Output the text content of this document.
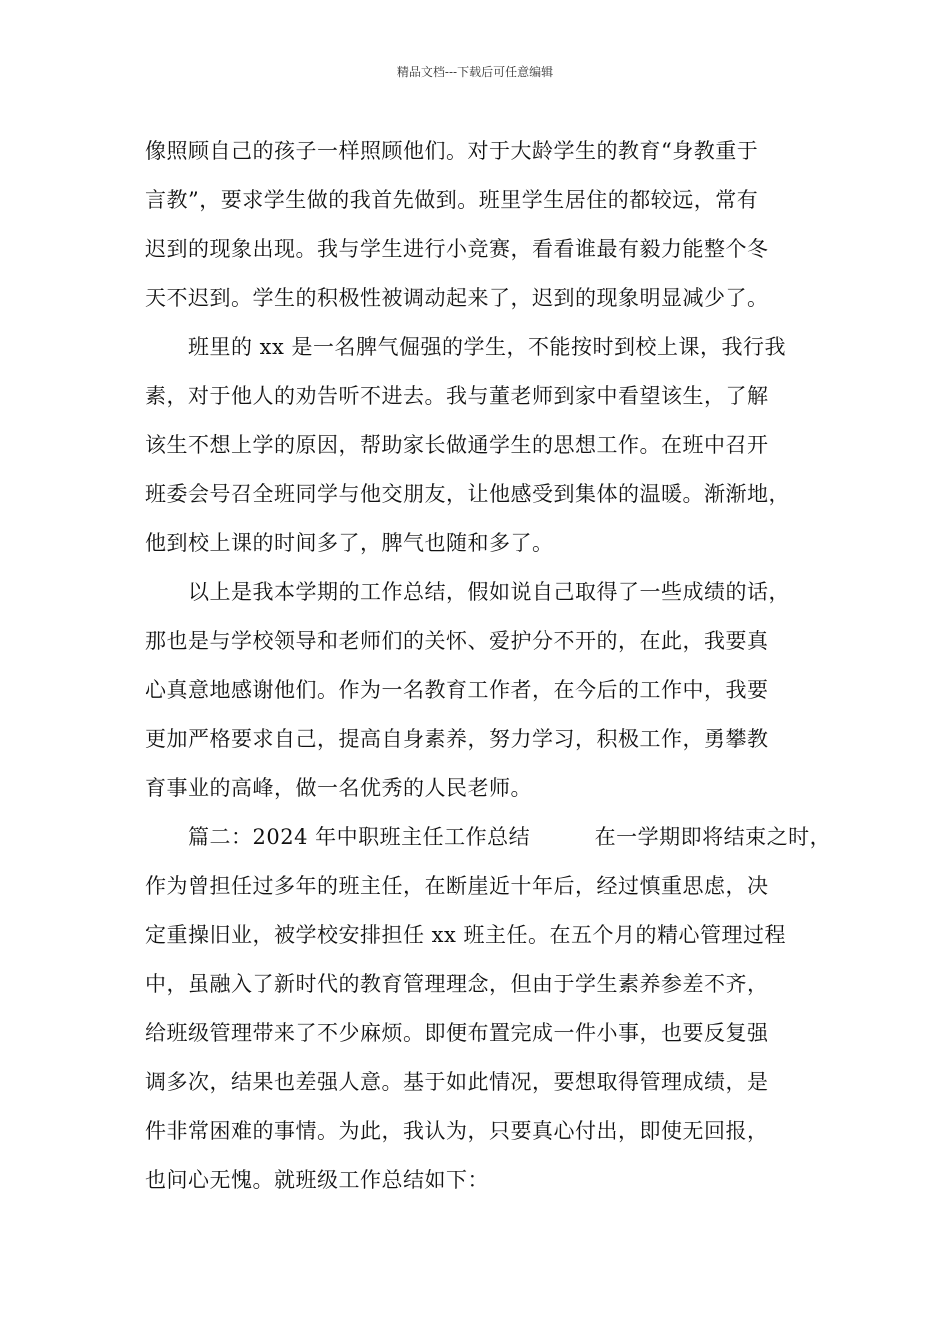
精品文档---下载后可任意编辑
像照顾自己的孩子一样照顾他们。对于大龄学生的教育“身教重于
言教”，要求学生做的我首先做到。班里学生居住的都较远，常有
迟到的现象出现。我与学生进行小竞赛，看看谁最有毅力能整个冬
天不迟到。学生的积极性被调动起来了，迟到的现象明显减少了。
　　班里的 xx 是一名脾气倔强的学生，不能按时到校上课，我行我
素，对于他人的劝告听不进去。我与董老师到家中看望该生，了解
该生不想上学的原因，帮助家长做通学生的思想工作。在班中召开
班委会号召全班同学与他交朋友，让他感受到集体的温暖。渐渐地，
他到校上课的时间多了，脾气也随和多了。
　　以上是我本学期的工作总结，假如说自己取得了一些成绩的话，
那也是与学校领导和老师们的关怀、爱护分不开的，在此，我要真
心真意地感谢他们。作为一名教育工作者，在今后的工作中，我要
更加严格要求自己，提高自身素养，努力学习，积极工作，勇攀教
育事业的高峰，做一名优秀的人民老师。
　　篇二：2024 年中职班主任工作总结　　　在一学期即将结束之时，
作为曾担任过多年的班主任，在断崖近十年后，经过慎重思虑，决
定重操旧业，被学校安排担任 xx 班主任。在五个月的精心管理过程
中，虽融入了新时代的教育管理理念，但由于学生素养参差不齐，
给班级管理带来了不少麻烦。即便布置完成一件小事，也要反复强
调多次，结果也差强人意。基于如此情况，要想取得管理成绩，是
件非常困难的事情。为此，我认为，只要真心付出，即使无回报，
也问心无愧。就班级工作总结如下：
